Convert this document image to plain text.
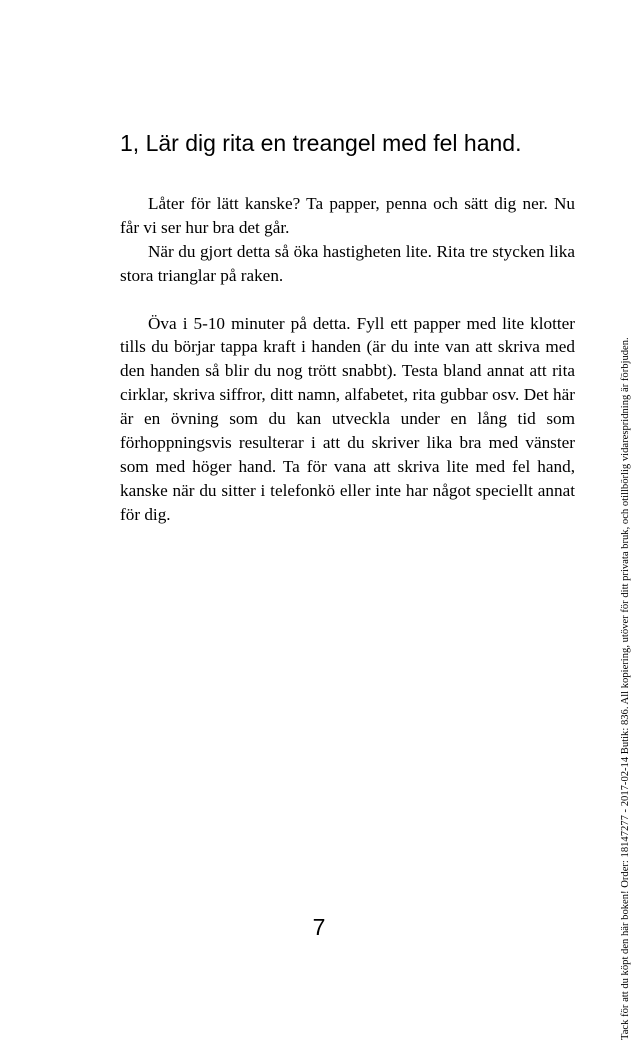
1, Lär dig rita en treangel med fel hand.

Låter för lätt kanske? Ta papper, penna och sätt dig ner. Nu får vi ser hur bra det går.

När du gjort detta så öka hastigheten lite. Rita tre stycken lika stora trianglar på raken.

Öva i 5-10 minuter på detta. Fyll ett papper med lite klotter tills du börjar tappa kraft i handen (är du inte van att skriva med den handen så blir du nog trött snabbt). Testa bland annat att rita cirklar, skriva siffror, ditt namn, alfabetet, rita gubbar osv. Det här är en övning som du kan utveckla under en lång tid som förhoppningsvis resulterar i att du skriver lika bra med vänster som med höger hand. Ta för vana att skriva lite med fel hand, kanske när du sitter i telefonkö eller inte har något speciellt annat för dig.

7	Tack för att du köpt den här boken! Order: 18147277 - 2017-02-14 Butik: 836. All kopiering, utöver för ditt privata bruk, och otillbörlig vidarespridning är förbjuden.
